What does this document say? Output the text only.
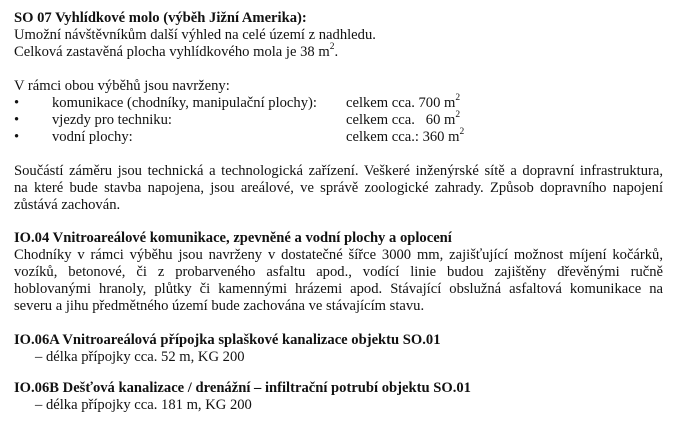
SO 07 Vyhlídkové molo (výběh Jižní Amerika):
Umožní návštěvníkům další výhled na celé území z nadhledu.
Celková zastavěná plocha vyhlídkového mola je 38 $m^2$.
V rámci obou výběhů jsou navrženy:
•	komunikace (chodníky, manipulační plochy): celkem cca. 700 $m^2$
•	vjezdy pro techniku:	celkem cca.   60 $m^2$
•	vodní plochy:	celkem cca.: 360 $m^2$
Součástí záměru jsou technická a technologická zařízení. Veškeré inženýrské sítě a dopravní infrastruktura,
na které bude stavba napojena, jsou areálové, ve správě zoologické zahrady. Způsob dopravního napojení
zůstává zachován.
IO.04 Vnitroareálové komunikace, zpevněné a vodní plochy a oplocení
Chodníky v rámci výběhu jsou navrženy v dostatečné šířce 3000 mm, zajišťující možnost míjení kočárků,
vozíků, betonové, či z probarveného asfaltu apod., vodící linie budou zajištěny dřevěnými ručně
hoblovanými hranoly, plůtky či kamennými hrázemi apod. Stávající obslužná asfaltová komunikace na
severu a jihu předmětného území bude zachována ve stávajícím stavu.
IO.06A Vnitroareálová přípojka splaškové kanalizace objektu SO.01
– délka přípojky cca. 52 m, KG 200
IO.06B Dešťová kanalizace / drenážní – infiltrační potrubí objektu SO.01
– délka přípojky cca. 181 m, KG 200
